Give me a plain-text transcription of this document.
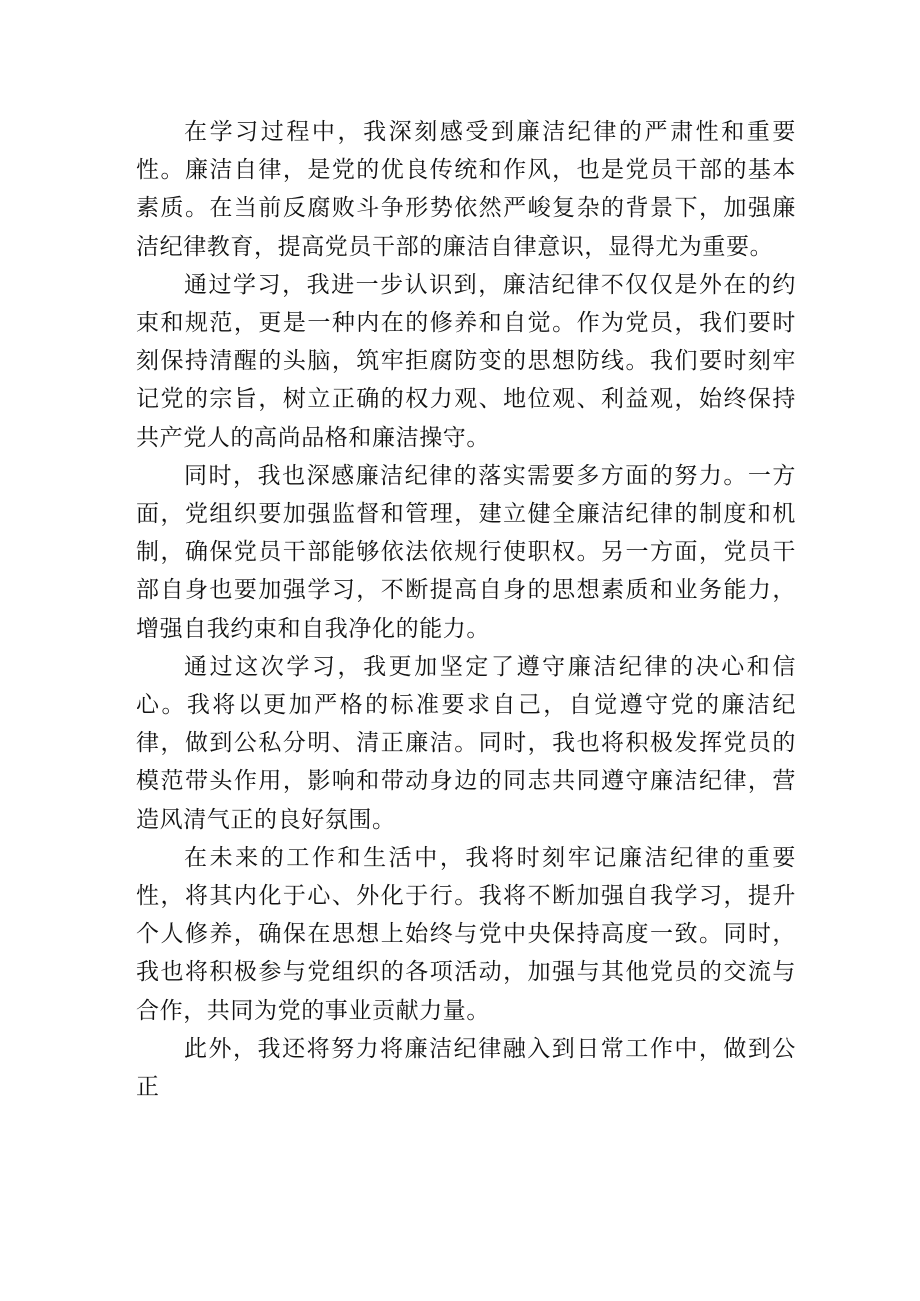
在学习过程中，我深刻感受到廉洁纪律的严肃性和重要性。廉洁自律，是党的优良传统和作风，也是党员干部的基本素质。在当前反腐败斗争形势依然严峻复杂的背景下，加强廉洁纪律教育，提高党员干部的廉洁自律意识，显得尤为重要。

通过学习，我进一步认识到，廉洁纪律不仅仅是外在的约束和规范，更是一种内在的修养和自觉。作为党员，我们要时刻保持清醒的头脑，筑牢拒腐防变的思想防线。我们要时刻牢记党的宗旨，树立正确的权力观、地位观、利益观，始终保持共产党人的高尚品格和廉洁操守。

同时，我也深感廉洁纪律的落实需要多方面的努力。一方面，党组织要加强监督和管理，建立健全廉洁纪律的制度和机制，确保党员干部能够依法依规行使职权。另一方面，党员干部自身也要加强学习，不断提高自身的思想素质和业务能力，增强自我约束和自我净化的能力。

通过这次学习，我更加坚定了遵守廉洁纪律的决心和信心。我将以更加严格的标准要求自己，自觉遵守党的廉洁纪律，做到公私分明、清正廉洁。同时，我也将积极发挥党员的模范带头作用，影响和带动身边的同志共同遵守廉洁纪律，营造风清气正的良好氛围。

在未来的工作和生活中，我将时刻牢记廉洁纪律的重要性，将其内化于心、外化于行。我将不断加强自我学习，提升个人修养，确保在思想上始终与党中央保持高度一致。同时，我也将积极参与党组织的各项活动，加强与其他党员的交流与合作，共同为党的事业贡献力量。

此外，我还将努力将廉洁纪律融入到日常工作中，做到公正
